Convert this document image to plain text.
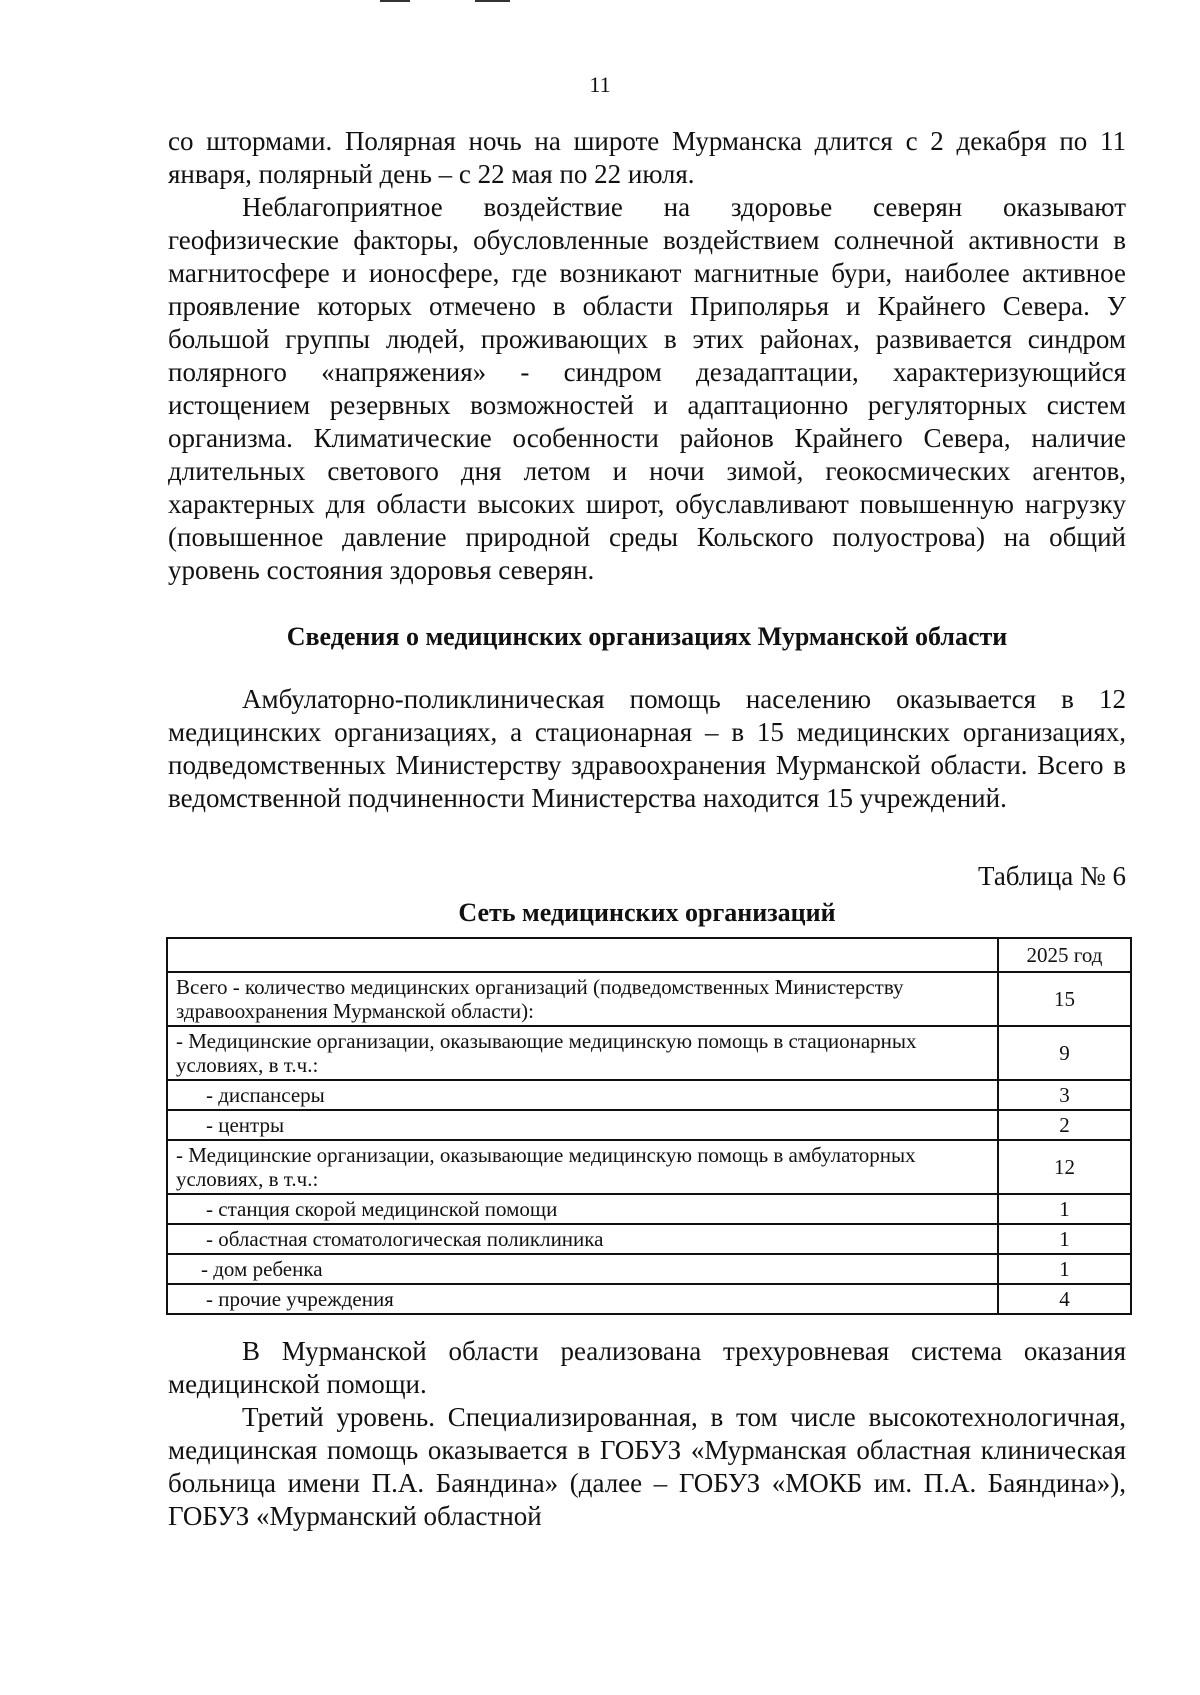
11

со штормами. Полярная ночь на широте Мурманска длится с 2 декабря по 11 января, полярный день – с 22 мая по 22 июля.

Неблагоприятное воздействие на здоровье северян оказывают геофизические факторы, обусловленные воздействием солнечной активности в магнитосфере и ионосфере, где возникают магнитные бури, наиболее активное проявление которых отмечено в области Приполярья и Крайнего Севера. У большой группы людей, проживающих в этих районах, развивается синдром полярного «напряжения» - синдром дезадаптации, характеризующийся истощением резервных возможностей и адаптационно регуляторных систем организма. Климатические особенности районов Крайнего Севера, наличие длительных светового дня летом и ночи зимой, геокосмических агентов, характерных для области высоких широт, обуславливают повышенную нагрузку (повышенное давление природной среды Кольского полуострова) на общий уровень состояния здоровья северян.

Сведения о медицинских организациях Мурманской области

Амбулаторно-поликлиническая помощь населению оказывается в 12 медицинских организациях, а стационарная – в 15 медицинских организациях, подведомственных Министерству здравоохранения Мурманской области. Всего в ведомственной подчиненности Министерства находится 15 учреждений.

Таблица № 6

Сеть медицинских организаций
	2025 год
Всего - количество медицинских организаций (подведомственных Министерству здравоохранения Мурманской области):	15
- Медицинские организации, оказывающие медицинскую помощь в стационарных условиях, в т.ч.:	9
- диспансеры	3
- центры	2
- Медицинские организации, оказывающие медицинскую помощь в амбулаторных условиях, в т.ч.:	12
- станция скорой медицинской помощи	1
- областная стоматологическая поликлиника	1
- дом ребенка	1
- прочие учреждения	4

В Мурманской области реализована трехуровневая система оказания медицинской помощи.

Третий уровень. Специализированная, в том числе высокотехнологичная, медицинская помощь оказывается в ГОБУЗ «Мурманская областная клиническая больница имени П.А. Баяндина» (далее – ГОБУЗ «МОКБ им. П.А. Баяндина»), ГОБУЗ «Мурманский областной
